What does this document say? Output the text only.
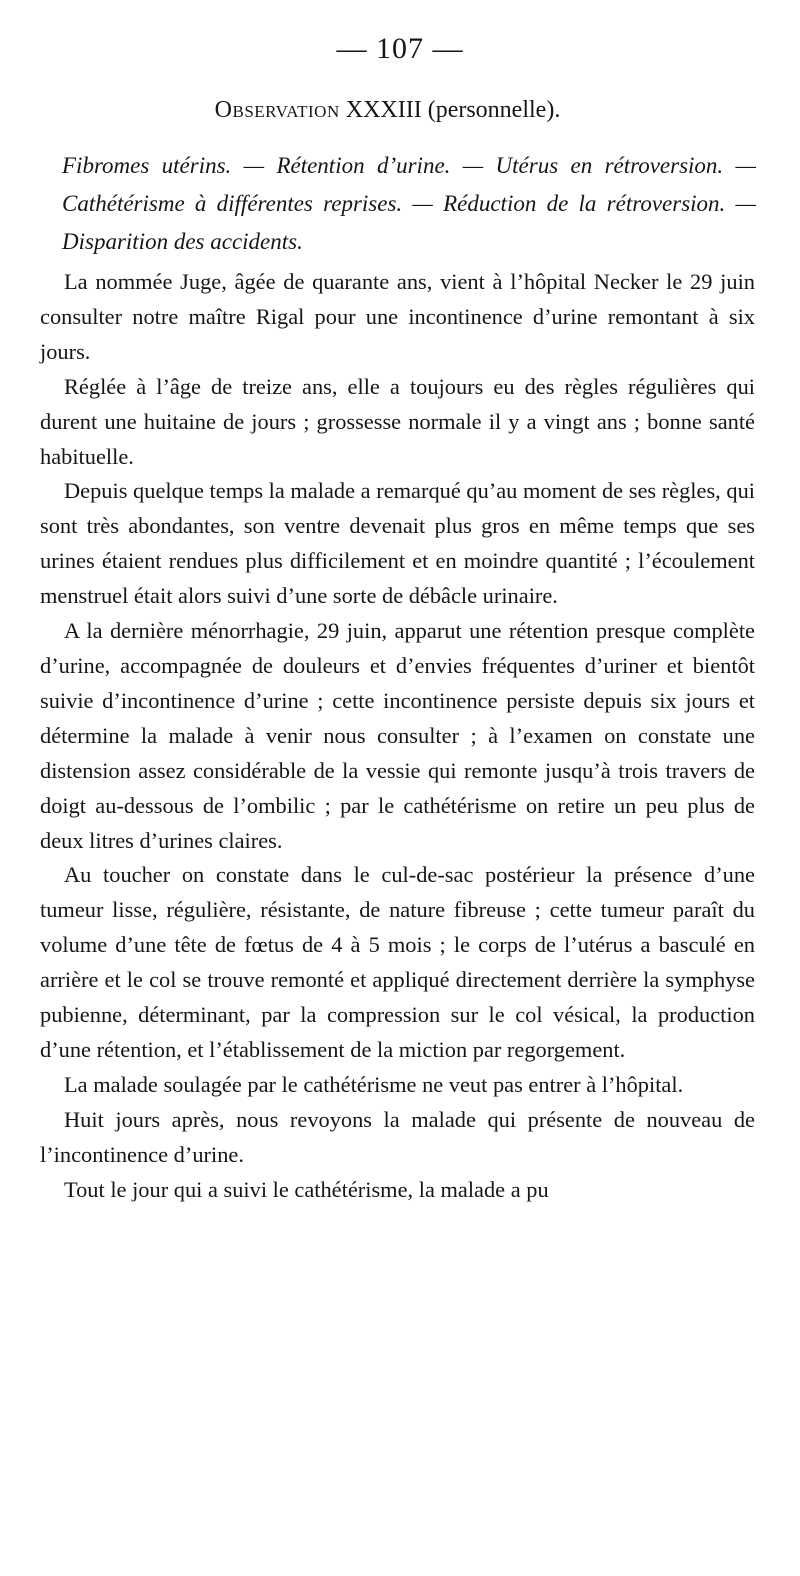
— 107 —
Observation XXXIII (personnelle).
Fibromes utérins. — Rétention d’urine. — Utérus en rétroversion. — Cathétérisme à différentes reprises. — Réduction de la rétroversion. — Disparition des accidents.

La nommée Juge, âgée de quarante ans, vient à l’hôpital Necker le 29 juin consulter notre maître Rigal pour une incontinence d’urine remontant à six jours.

Réglée à l’âge de treize ans, elle a toujours eu des règles régulières qui durent une huitaine de jours ; grossesse normale il y a vingt ans ; bonne santé habituelle.

Depuis quelque temps la malade a remarqué qu’au moment de ses règles, qui sont très abondantes, son ventre devenait plus gros en même temps que ses urines étaient rendues plus difficilement et en moindre quantité ; l’écoulement menstruel était alors suivi d’une sorte de débâcle urinaire.

A la dernière ménorrhagie, 29 juin, apparut une rétention presque complète d’urine, accompagnée de douleurs et d’envies fréquentes d’uriner et bientôt suivie d’incontinence d’urine ; cette incontinence persiste depuis six jours et détermine la malade à venir nous consulter ; à l’examen on constate une distension assez considérable de la vessie qui remonte jusqu’à trois travers de doigt au-dessous de l’ombilic ; par le cathétérisme on retire un peu plus de deux litres d’urines claires.

Au toucher on constate dans le cul-de-sac postérieur la présence d’une tumeur lisse, régulière, résistante, de nature fibreuse ; cette tumeur paraît du volume d’une tête de fœtus de 4 à 5 mois ; le corps de l’utérus a basculé en arrière et le col se trouve remonté et appliqué directement derrière la symphyse pubienne, déterminant, par la compression sur le col vésical, la production d’une rétention, et l’établissement de la miction par regorgement.

La malade soulagée par le cathétérisme ne veut pas entrer à l’hôpital.

Huit jours après, nous revoyons la malade qui présente de nouveau de l’incontinence d’urine.

Tout le jour qui a suivi le cathétérisme, la malade a pu
